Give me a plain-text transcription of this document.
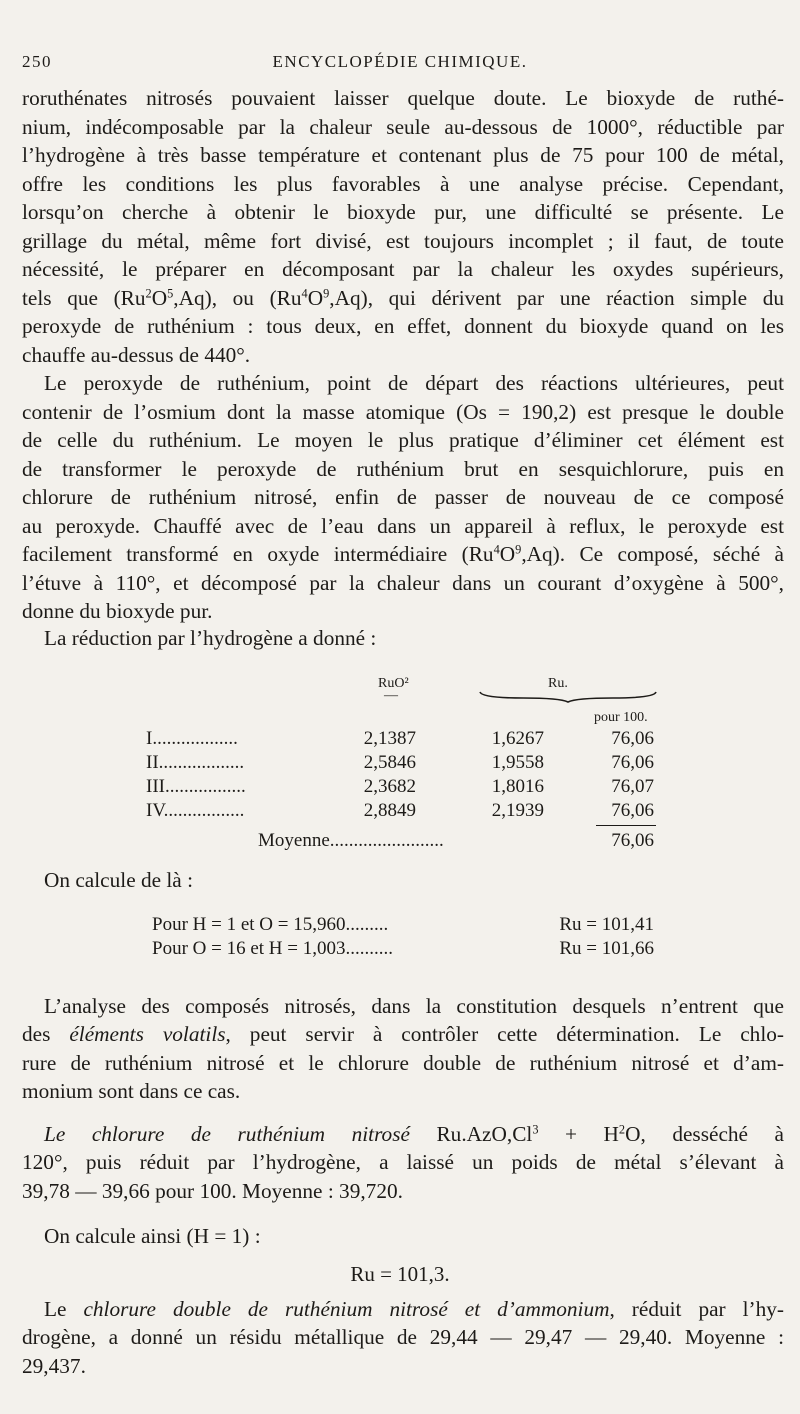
250	ENCYCLOPÉDIE CHIMIQUE.
roruthénates nitrosés pouvaient laisser quelque doute. Le bioxyde de ruthé-
nium, indécomposable par la chaleur seule au-dessous de 1000°, réductible par
l’hydrogène à très basse température et contenant plus de 75 pour 100 de métal,
offre les conditions les plus favorables à une analyse précise. Cependant,
lorsqu’on cherche à obtenir le bioxyde pur, une difficulté se présente. Le
grillage du métal, même fort divisé, est toujours incomplet ; il faut, de toute
nécessité, le préparer en décomposant par la chaleur les oxydes supérieurs,
tels que $(Ru^2O^5,Aq)$, ou $(Ru^4O^9,Aq)$, qui dérivent par une réaction simple du
peroxyde de ruthénium : tous deux, en effet, donnent du bioxyde quand on les
chauffe au-dessus de 440°.
Le peroxyde de ruthénium, point de départ des réactions ultérieures, peut
contenir de l’osmium dont la masse atomique (Os = 190,2) est presque le double
de celle du ruthénium. Le moyen le plus pratique d’éliminer cet élément est
de transformer le peroxyde de ruthénium brut en sesquichlorure, puis en
chlorure de ruthénium nitrosé, enfin de passer de nouveau de ce composé
au peroxyde. Chauffé avec de l’eau dans un appareil à reflux, le peroxyde est
facilement transformé en oxyde intermédiaire $(Ru^4O^9,Aq)$. Ce composé, séché à
l’étuve à 110°, et décomposé par la chaleur dans un courant d’oxygène à 500°,
donne du bioxyde pur.
La réduction par l’hydrogène a donné :
RuO²
—
Ru.
pour 100.
I..................	2,1387	1,6267	76,06
II..................	2,5846	1,9558	76,06
III.................	2,3682	1,8016	76,07
IV.................	2,8849	2,1939	76,06
Moyenne........................	76,06
On calcule de là :
Pour H = 1 et O = 15,960.........	Ru = 101,41
Pour O = 16 et H = 1,003..........	Ru = 101,66
L’analyse des composés nitrosés, dans la constitution desquels n’entrent que
des éléments volatils, peut servir à contrôler cette détermination. Le chlo-
rure de ruthénium nitrosé et le chlorure double de ruthénium nitrosé et d’am-
monium sont dans ce cas.
Le chlorure de ruthénium nitrosé $Ru.AzO,Cl^3 + H^2O$, desséché à
120°, puis réduit par l’hydrogène, a laissé un poids de métal s’élevant à
39,78 — 39,66 pour 100. Moyenne : 39,720.
On calcule ainsi (H = 1) :
Ru = 101,3.
Le chlorure double de ruthénium nitrosé et d’ammonium, réduit par l’hy-
drogène, a donné un résidu métallique de 29,44 — 29,47 — 29,40. Moyenne :
29,437.
